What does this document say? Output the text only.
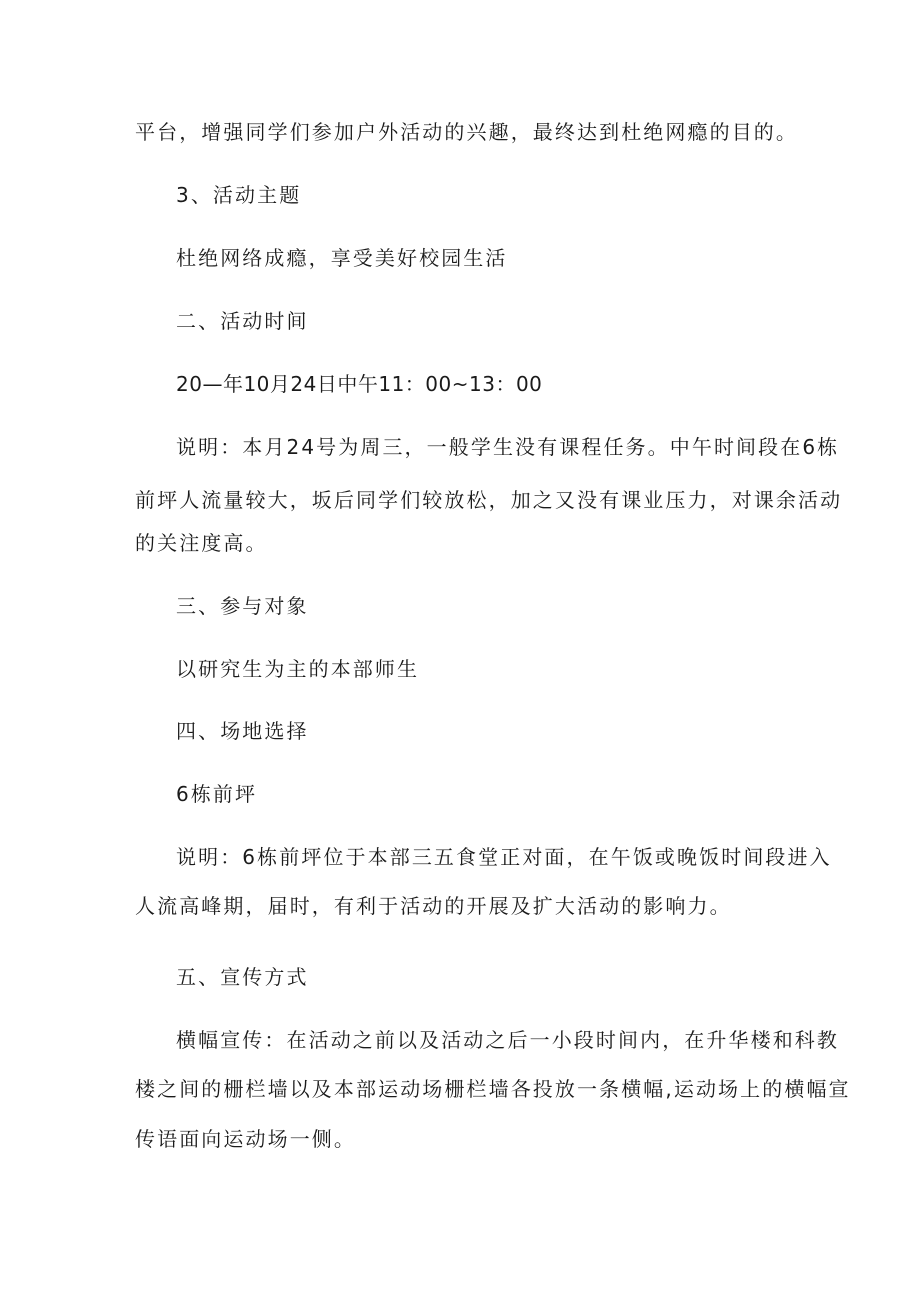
平台，增强同学们参加户外活动的兴趣，最终达到杜绝网瘾的目的。
3、活动主题
杜绝网络成瘾，享受美好校园生活
二、活动时间
20—年10月24日中午11：00~13：00
说明：本月24号为周三，一般学生没有课程任务。中午时间段在6栋
前坪人流量较大，坂后同学们较放松，加之又没有课业压力，对课余活动
的关注度高。
三、参与对象
以研究生为主的本部师生
四、场地选择
6栋前坪
说明：6栋前坪位于本部三五食堂正对面，在午饭或晚饭时间段进入
人流高峰期，届时，有利于活动的开展及扩大活动的影响力。
五、宣传方式
横幅宣传：在活动之前以及活动之后一小段时间内，在升华楼和科教
楼之间的栅栏墙以及本部运动场栅栏墙各投放一条横幅,运动场上的横幅宣
传语面向运动场一侧。
